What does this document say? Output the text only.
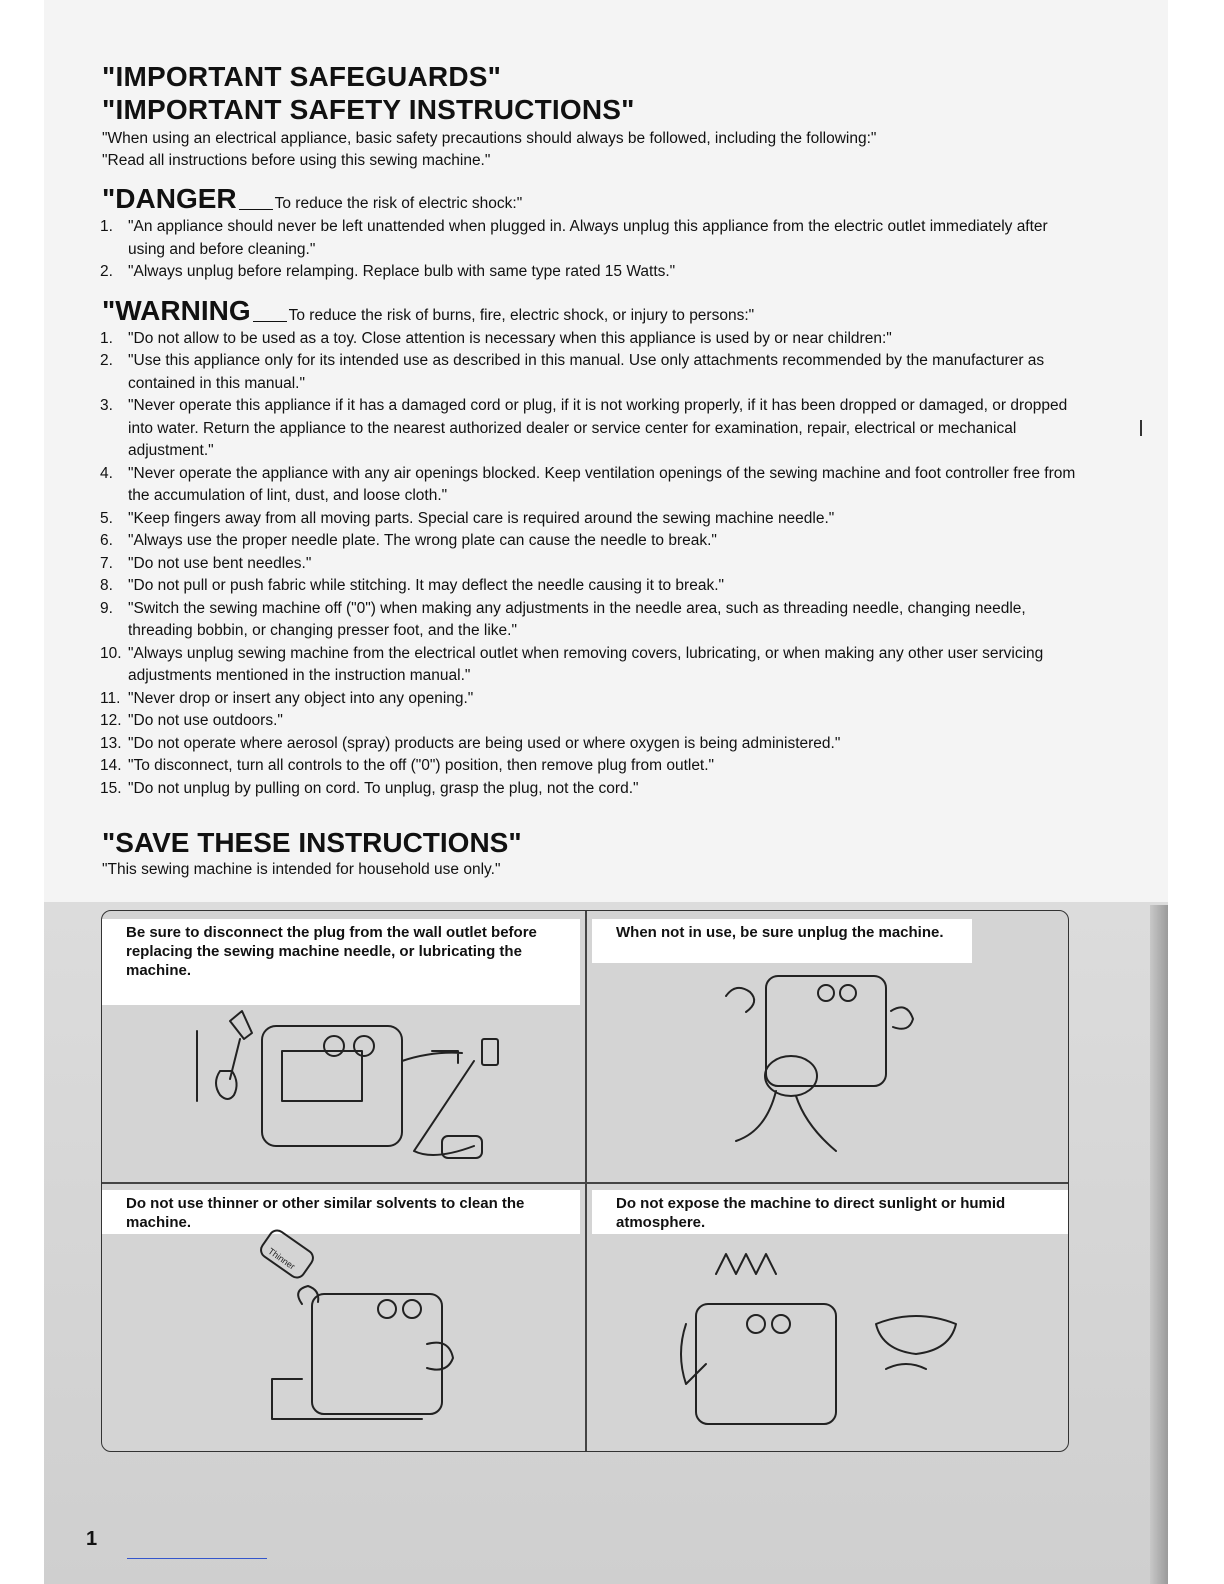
"IMPORTANT SAFEGUARDS"
"IMPORTANT SAFETY INSTRUCTIONS"
"When using an electrical appliance, basic safety precautions should always be followed, including the following:"
"Read all instructions before using this sewing machine."
"DANGER To reduce the risk of electric shock:"
1. "An appliance should never be left unattended when plugged in. Always unplug this appliance from the electric outlet immediately after using and before cleaning."
2. "Always unplug before relamping. Replace bulb with same type rated 15 Watts."
"WARNING To reduce the risk of burns, fire, electric shock, or injury to persons:"
1. "Do not allow to be used as a toy. Close attention is necessary when this appliance is used by or near children:"
2. "Use this appliance only for its intended use as described in this manual. Use only attachments recommended by the manufacturer as contained in this manual."
3. "Never operate this appliance if it has a damaged cord or plug, if it is not working properly, if it has been dropped or damaged, or dropped into water. Return the appliance to the nearest authorized dealer or service center for examination, repair, electrical or mechanical adjustment."
4. "Never operate the appliance with any air openings blocked. Keep ventilation openings of the sewing machine and foot controller free from the accumulation of lint, dust, and loose cloth."
5. "Keep fingers away from all moving parts. Special care is required around the sewing machine needle."
6. "Always use the proper needle plate. The wrong plate can cause the needle to break."
7. "Do not use bent needles."
8. "Do not pull or push fabric while stitching. It may deflect the needle causing it to break."
9. "Switch the sewing machine off ("0") when making any adjustments in the needle area, such as threading needle, changing needle, threading bobbin, or changing presser foot, and the like."
10. "Always unplug sewing machine from the electrical outlet when removing covers, lubricating, or when making any other user servicing adjustments mentioned in the instruction manual."
11. "Never drop or insert any object into any opening."
12. "Do not use outdoors."
13. "Do not operate where aerosol (spray) products are being used or where oxygen is being administered."
14. "To disconnect, turn all controls to the off ("0") position, then remove plug from outlet."
15. "Do not unplug by pulling on cord. To unplug, grasp the plug, not the cord."
"SAVE THESE INSTRUCTIONS"
"This sewing machine is intended for household use only."
Be sure to disconnect the plug from the wall outlet before replacing the sewing machine needle, or lubricating the machine.
When not in use, be sure unplug the machine.
Do not use thinner or other similar solvents to clean the machine.
Thinner
Do not expose the machine to direct sunlight or humid atmosphere.
1
